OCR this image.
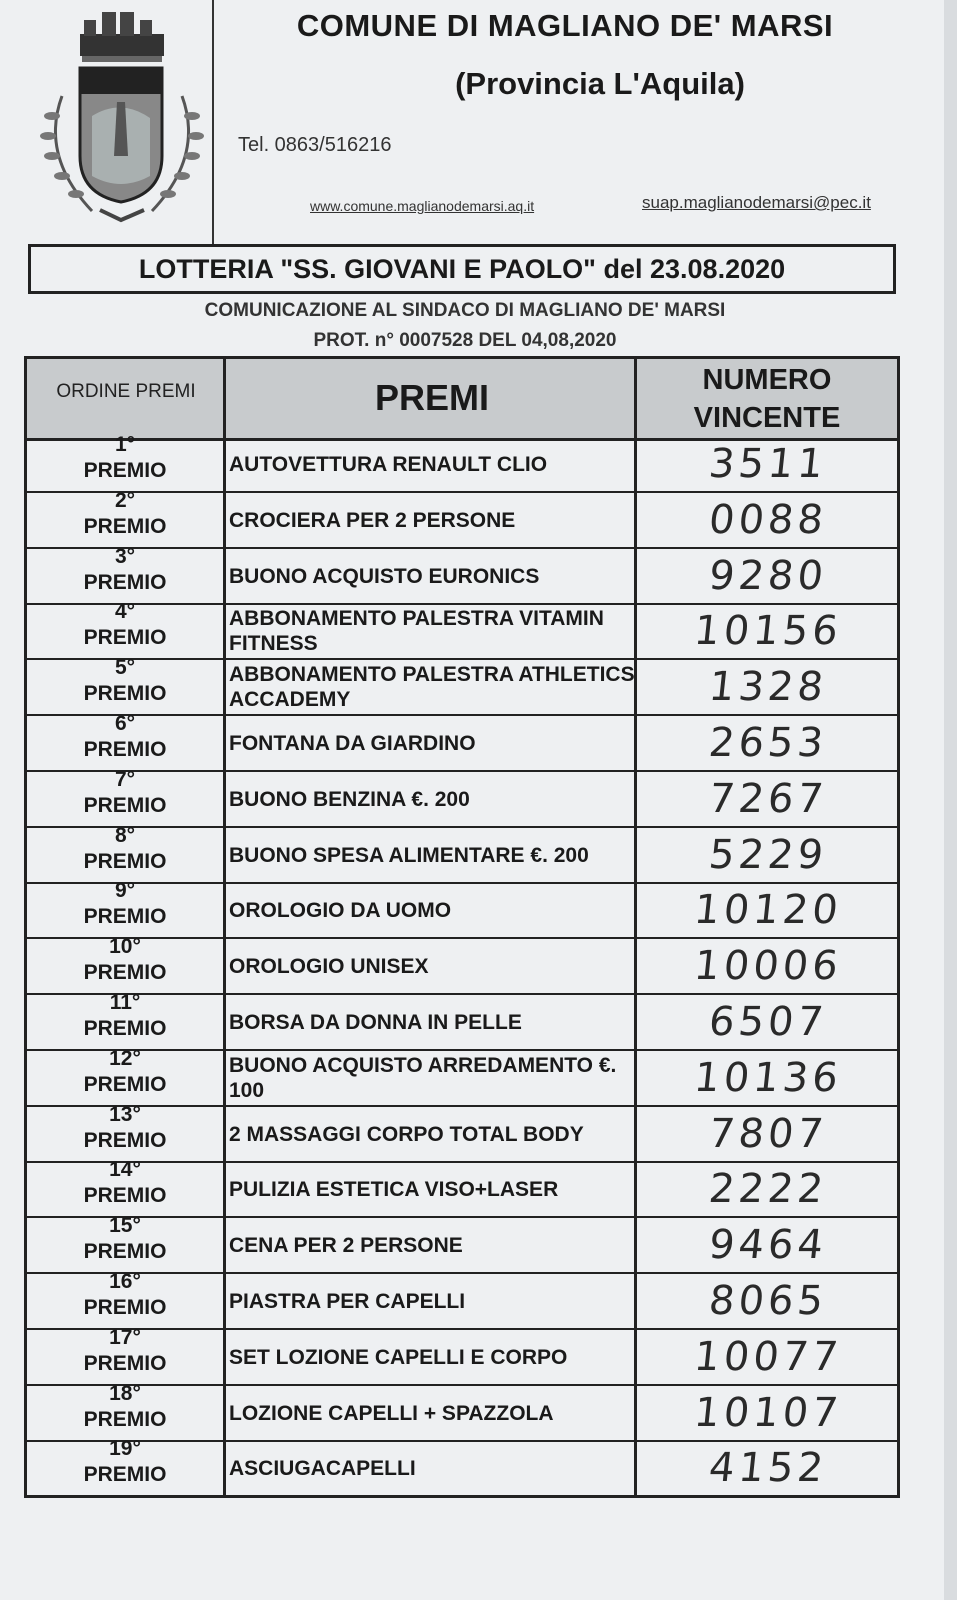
COMUNE DI MAGLIANO DE' MARSI
(Provincia L'Aquila)
Tel. 0863/516216
www.comune.maglianodemarsi.aq.it	suap.maglianodemarsi@pec.it
LOTTERIA "SS. GIOVANI E PAOLO" del 23.08.2020
COMUNICAZIONE AL SINDACO DI MAGLIANO DE' MARSI
PROT. n° 0007528 DEL 04,08,2020
ORDINE PREMI	PREMI	NUMERO VINCENTE
1°
PREMIO	AUTOVETTURA RENAULT CLIO	3511
2°
PREMIO	CROCIERA PER 2 PERSONE	0088
3°
PREMIO	BUONO ACQUISTO EURONICS	9280
4°
PREMIO
ABBONAMENTO PALESTRA VITAMIN FITNESS	10156
5°
PREMIO
ABBONAMENTO PALESTRA ATHLETICS ACCADEMY	1328
6°
PREMIO	FONTANA DA GIARDINO	2653
7°
PREMIO	BUONO BENZINA €. 200	7267
8°
PREMIO	BUONO SPESA ALIMENTARE €. 200	5229
9°
PREMIO	OROLOGIO DA UOMO	10120
10°
PREMIO	OROLOGIO UNISEX	10006
11°
PREMIO	BORSA DA DONNA IN PELLE	6507
12°
PREMIO
BUONO ACQUISTO ARREDAMENTO €. 100	10136
13°
PREMIO	2 MASSAGGI CORPO TOTAL BODY	7807
14°
PREMIO	PULIZIA ESTETICA VISO+LASER	2222
15°
PREMIO	CENA PER 2 PERSONE	9464
16°
PREMIO	PIASTRA PER CAPELLI	8065
17°
PREMIO	SET LOZIONE CAPELLI E CORPO	10077
18°
PREMIO	LOZIONE CAPELLI + SPAZZOLA	10107
19°
PREMIO	ASCIUGACAPELLI	4152
